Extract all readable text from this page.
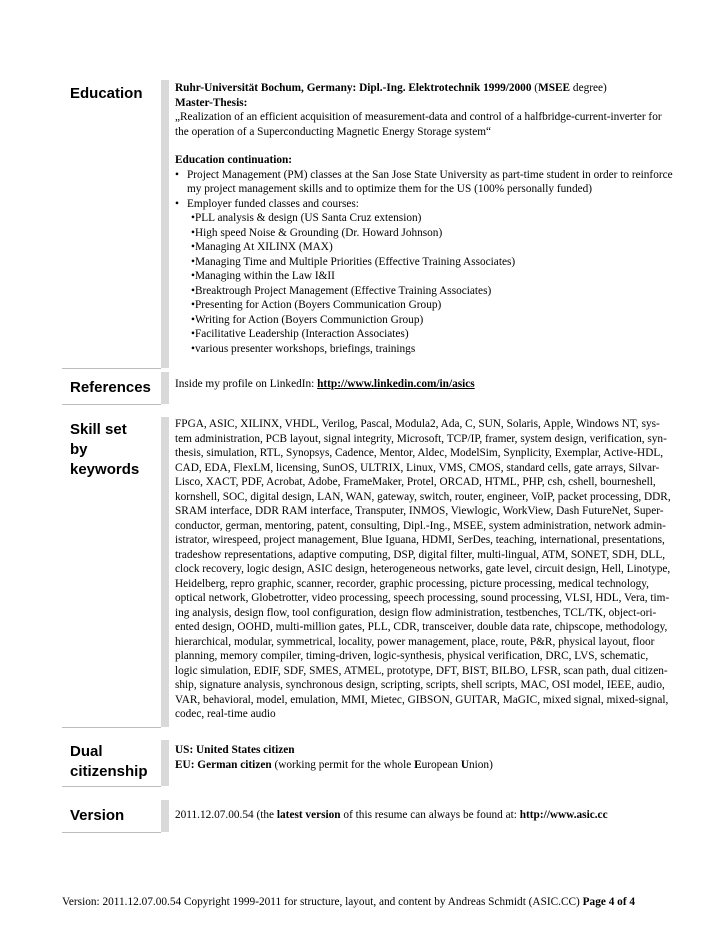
Education	Ruhr-Universität Bochum, Germany: Dipl.-Ing. Elektrotechnik 1999/2000 (MSEE degree)

Master-Thesis:

„Realization of an efficient acquisition of measurement-data and control of a halfbridge-current-inverter for

the operation of a Superconducting Magnetic Energy Storage system“

Education continuation:

• Project Management (PM) classes at the San Jose State University as part-time student in order to reinforce
my project management skills and to optimize them for the US (100% personally funded)
• Employer funded classes and courses:

• PLL analysis & design (US Santa Cruz extension)

• High speed Noise & Grounding (Dr. Howard Johnson)

• Managing At XILINX (MAX)

• Managing Time and Multiple Priorities (Effective Training Associates)

• Managing within the Law I&II

• Breaktrough Project Management (Effective Training Associates)

• Presenting for Action (Boyers Communication Group)

• Writing for Action (Boyers Communiction Group)

• Facilitative Leadership (Interaction Associates)

• various presenter workshops, briefings, trainings

References Inside my profile on LinkedIn: http://www.linkedin.com/in/asics
Skill set
by
keywords
FPGA, ASIC, XILINX, VHDL, Verilog, Pascal, Modula2, Ada, C, SUN, Solaris, Apple, Windows NT, sys-
tem administration, PCB layout, signal integrity, Microsoft, TCP/IP, framer, system design, verification, syn-
thesis, simulation, RTL, Synopsys, Cadence, Mentor, Aldec, ModelSim, Synplicity, Exemplar, Active-HDL,
CAD, EDA, FlexLM, licensing, SunOS, ULTRIX, Linux, VMS, CMOS, standard cells, gate arrays, Silvar-
Lisco, XACT, PDF, Acrobat, Adobe, FrameMaker, Protel, ORCAD, HTML, PHP, csh, cshell, bourneshell,
kornshell, SOC, digital design, LAN, WAN, gateway, switch, router, engineer, VoIP, packet processing, DDR,
SRAM interface, DDR RAM interface, Transputer, INMOS, Viewlogic, WorkView, Dash FutureNet, Super-
conductor, german, mentoring, patent, consulting, Dipl.-Ing., MSEE, system administration, network admin-
istrator, wirespeed, project management, Blue Iguana, HDMI, SerDes, teaching, international, presentations,
tradeshow representations, adaptive computing, DSP, digital filter, multi-lingual, ATM, SONET, SDH, DLL,
clock recovery, logic design, ASIC design, heterogeneous networks, gate level, circuit design, Hell, Linotype,
Heidelberg, repro graphic, scanner, recorder, graphic processing, picture processing, medical technology,
optical network, Globetrotter, video processing, speech processing, sound processing, VLSI, HDL, Vera, tim-
ing analysis, design flow, tool configuration, design flow administration, testbenches, TCL/TK, object-ori-
ented design, OOHD, multi-million gates, PLL, CDR, transceiver, double data rate, chipscope, methodology,
hierarchical, modular, symmetrical, locality, power management, place, route, P&R, physical layout, floor
planning, memory compiler, timing-driven, logic-synthesis, physical verification, DRC, LVS, schematic,
logic simulation, EDIF, SDF, SMES, ATMEL, prototype, DFT, BIST, BILBO, LFSR, scan path, dual citizen-
ship, signature analysis, synchronous design, scripting, scripts, shell scripts, MAC, OSI model, IEEE, audio,
VAR, behavioral, model, emulation, MMI, Mietec, GIBSON, GUITAR, MaGIC, mixed signal, mixed-signal,
codec, real-time audio
Dual
citizenship
US: United States citizen
EU: German citizen (working permit for the whole European Union)
Version	2011.12.07.00.54 (the latest version of this resume can always be found at: http://www.asic.cc
Version: 2011.12.07.00.54 Copyright 1999-2011 for structure, layout, and content by Andreas Schmidt (ASIC.CC) Page 4 of 4
